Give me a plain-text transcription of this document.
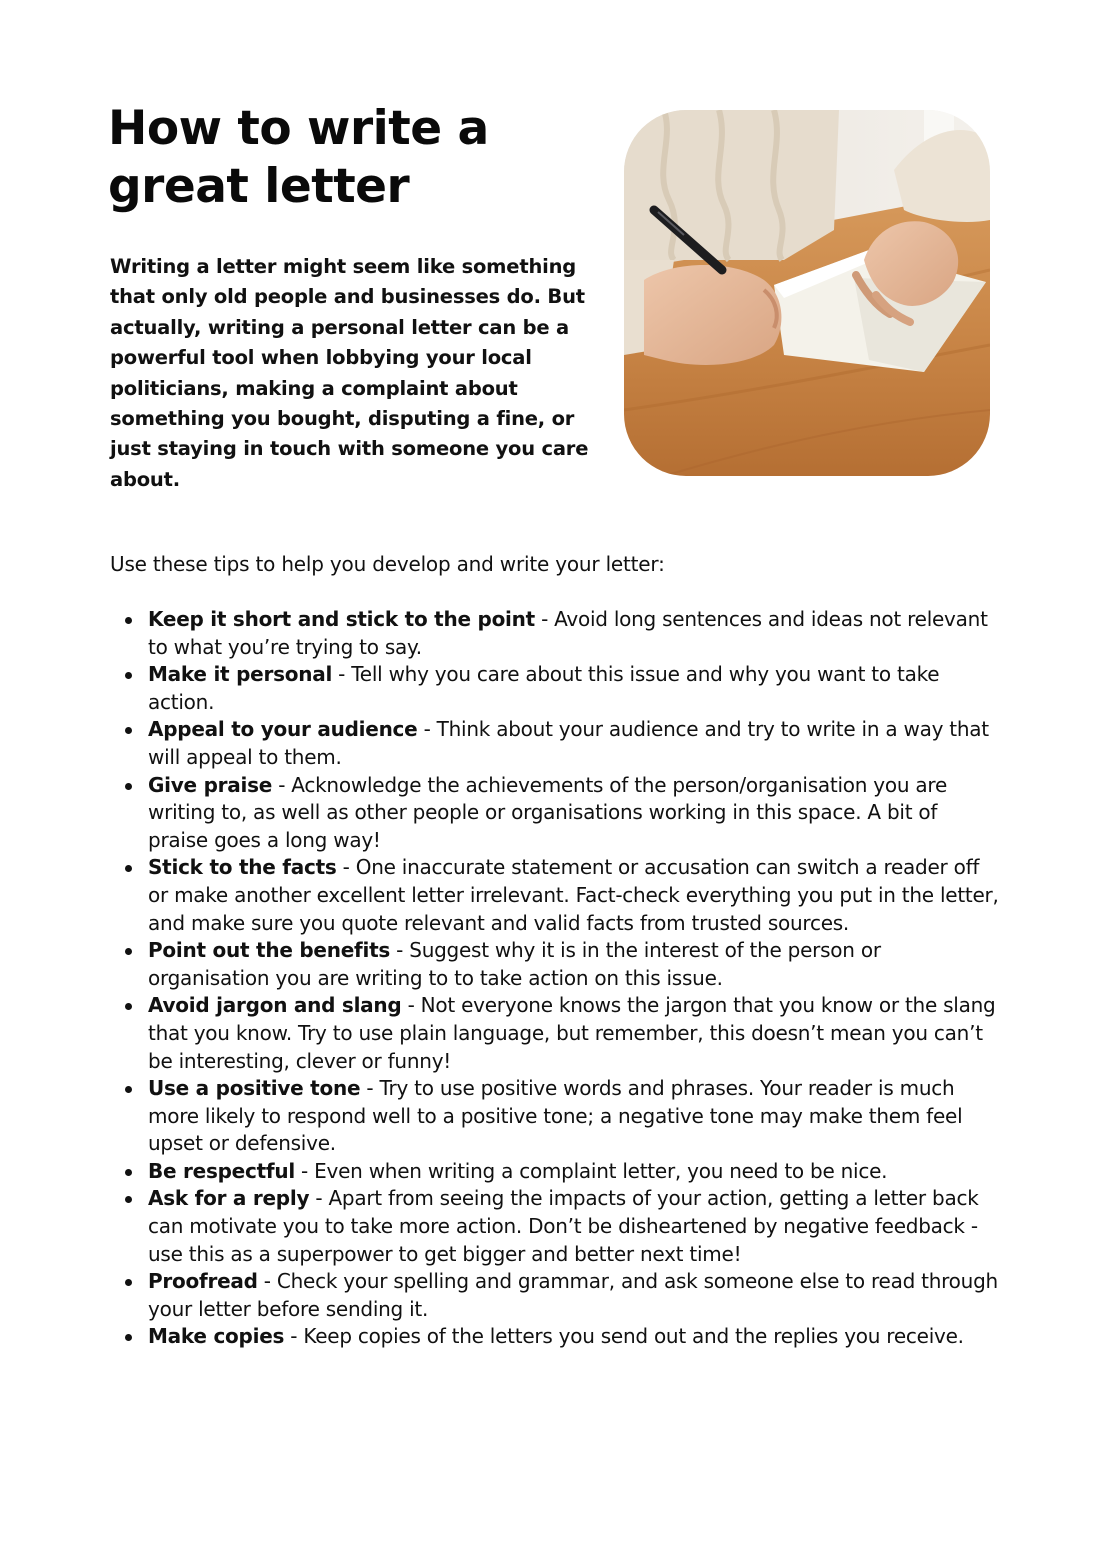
How to write a great letter

Writing a letter might seem like something that only old people and businesses do. But actually, writing a personal letter can be a powerful tool when lobbying your local politicians, making a complaint about something you bought, disputing a fine, or just staying in touch with someone you care about.

Use these tips to help you develop and write your letter:

Keep it short and stick to the point - Avoid long sentences and ideas not relevant to what you’re trying to say.
Make it personal - Tell why you care about this issue and why you want to take action.
Appeal to your audience - Think about your audience and try to write in a way that will appeal to them.
Give praise - Acknowledge the achievements of the person/organisation you are writing to, as well as other people or organisations working in this space. A bit of praise goes a long way!
Stick to the facts - One inaccurate statement or accusation can switch a reader off or make another excellent letter irrelevant. Fact-check everything you put in the letter, and make sure you quote relevant and valid facts from trusted sources.
Point out the benefits - Suggest why it is in the interest of the person or organisation you are writing to to take action on this issue.
Avoid jargon and slang - Not everyone knows the jargon that you know or the slang that you know. Try to use plain language, but remember, this doesn’t mean you can’t be interesting, clever or funny!
Use a positive tone - Try to use positive words and phrases. Your reader is much more likely to respond well to a positive tone; a negative tone may make them feel upset or defensive.
Be respectful - Even when writing a complaint letter, you need to be nice.
Ask for a reply - Apart from seeing the impacts of your action, getting a letter back can motivate you to take more action. Don’t be disheartened by negative feedback - use this as a superpower to get bigger and better next time!
Proofread - Check your spelling and grammar, and ask someone else to read through your letter before sending it.
Make copies - Keep copies of the letters you send out and the replies you receive.
